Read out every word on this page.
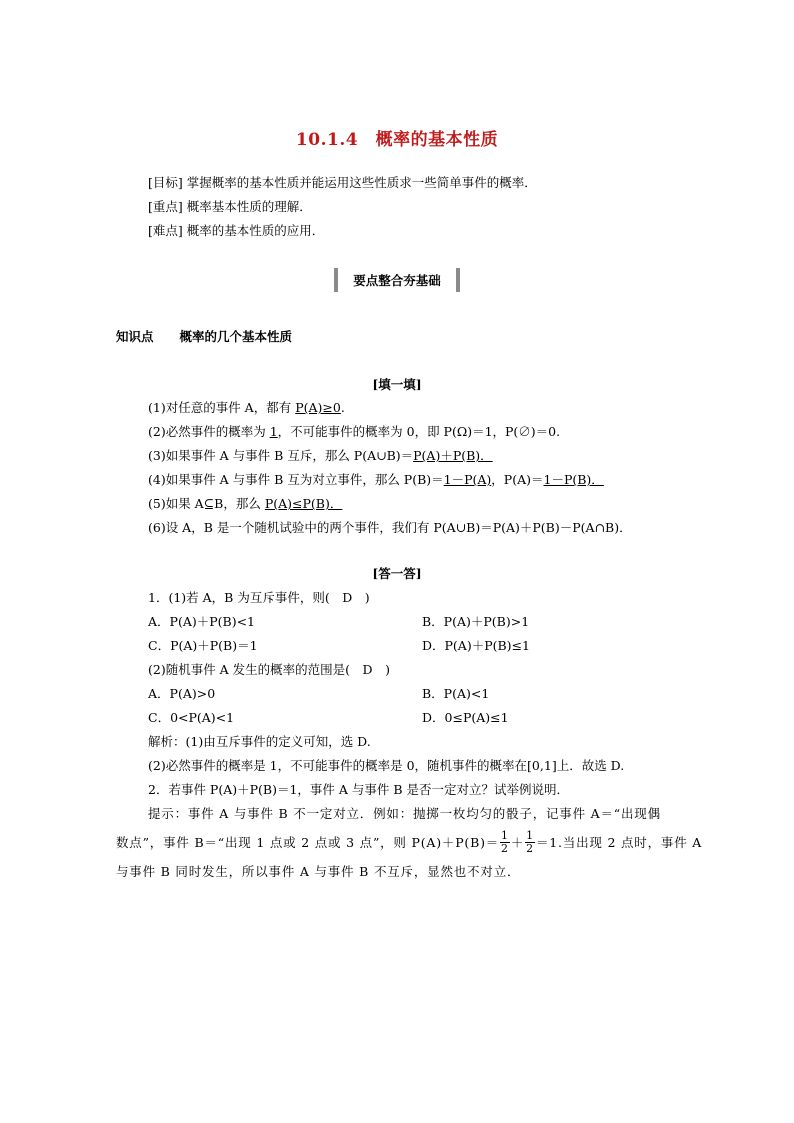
10.1.4　概率的基本性质
[目标] 掌握概率的基本性质并能运用这些性质求一些简单事件的概率．
[重点] 概率基本性质的理解．
[难点] 概率的基本性质的应用．
要点整合夯基础
知识点 概率的几个基本性质
[填一填]
(1)对任意的事件 A，都有 P(A)≥0.
(2)必然事件的概率为 1，不可能事件的概率为 0，即 P(Ω)＝1，P(∅)＝0.
(3)如果事件 A 与事件 B 互斥，那么 P(A∪B)＝P(A)＋P(B)．
(4)如果事件 A 与事件 B 互为对立事件，那么 P(B)＝1－P(A)，P(A)＝1－P(B)．
(5)如果 A⊆B，那么 P(A)≤P(B)．
(6)设 A，B 是一个随机试验中的两个事件，我们有 P(A∪B)＝P(A)＋P(B)－P(A∩B)．
[答一答]
1．(1)若 A，B 为互斥事件，则(　D　)
A．P(A)＋P(B)<1	B．P(A)＋P(B)>1
C．P(A)＋P(B)＝1	D．P(A)＋P(B)≤1
(2)随机事件 A 发生的概率的范围是(　D　)
A．P(A)>0	B．P(A)<1
C．0<P(A)<1	D．0≤P(A)≤1
解析：(1)由互斥事件的定义可知，选 D.
(2)必然事件的概率是 1，不可能事件的概率是 0，随机事件的概率在[0,1]上．故选 D.
2．若事件 P(A)＋P(B)＝1，事件 A 与事件 B 是否一定对立？试举例说明．
提示：事件 A 与事件 B 不一定对立．例如：抛掷一枚均匀的骰子，记事件 A＝“出现偶
数点”，事件 B＝“出现 1 点或 2 点或 3 点”，则 $P(A)+P(B)= \frac{1}{2} + \frac{1}{2} =1$.当出现 2 点时，事件 A
与事件 B 同时发生，所以事件 A 与事件 B 不互斥，显然也不对立．
